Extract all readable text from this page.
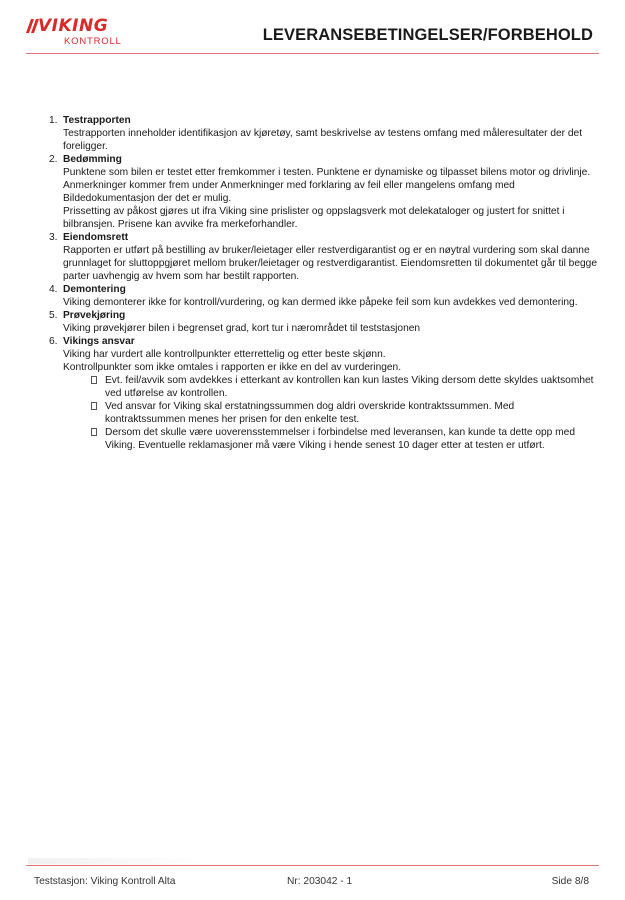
VIKING
KONTROLL	LEVERANSEBETINGELSER/FORBEHOLD
1. Testrapporten
Testrapporten inneholder identifikasjon av kjøretøy, samt beskrivelse av testens omfang med måleresultater der det foreligger.
2. Bedømming
Punktene som bilen er testet etter fremkommer i testen. Punktene er dynamiske og tilpasset bilens motor og drivlinje.
Anmerkninger kommer frem under Anmerkninger med forklaring av feil eller mangelens omfang med Bildedokumentasjon der det er mulig.
Prissetting av påkost gjøres ut ifra Viking sine prislister og oppslagsverk mot delekataloger og justert for snittet i bilbransjen. Prisene kan avvike fra merkeforhandler.
3. Eiendomsrett
Rapporten er utført på bestilling av bruker/leietager eller restverdigarantist og er en nøytral vurdering som skal danne grunnlaget for sluttoppgjøret mellom bruker/leietager og restverdigarantist. Eiendomsretten til dokumentet går til begge parter uavhengig av hvem som har bestilt rapporten.
4. Demontering
Viking demonterer ikke for kontroll/vurdering, og kan dermed ikke påpeke feil som kun avdekkes ved demontering.
5. Prøvekjøring
Viking prøvekjører bilen i begrenset grad, kort tur i nærområdet til teststasjonen
6. Vikings ansvar
Viking har vurdert alle kontrollpunkter etterrettelig og etter beste skjønn.
Kontrollpunkter som ikke omtales i rapporten er ikke en del av vurderingen.
Evt. feil/avvik som avdekkes i etterkant av kontrollen kan kun lastes Viking dersom dette skyldes uaktsomhet ved utførelse av kontrollen.
Ved ansvar for Viking skal erstatningssummen dog aldri overskride kontraktssummen. Med kontraktssummen menes her prisen for den enkelte test.
Dersom det skulle være uoverensstemmelser i forbindelse med leveransen, kan kunde ta dette opp med Viking. Eventuelle reklamasjoner må være Viking i hende senest 10 dager etter at testen er utført.
Teststasjon: Viking Kontroll Alta	Nr: 203042 - 1	Side 8/8
